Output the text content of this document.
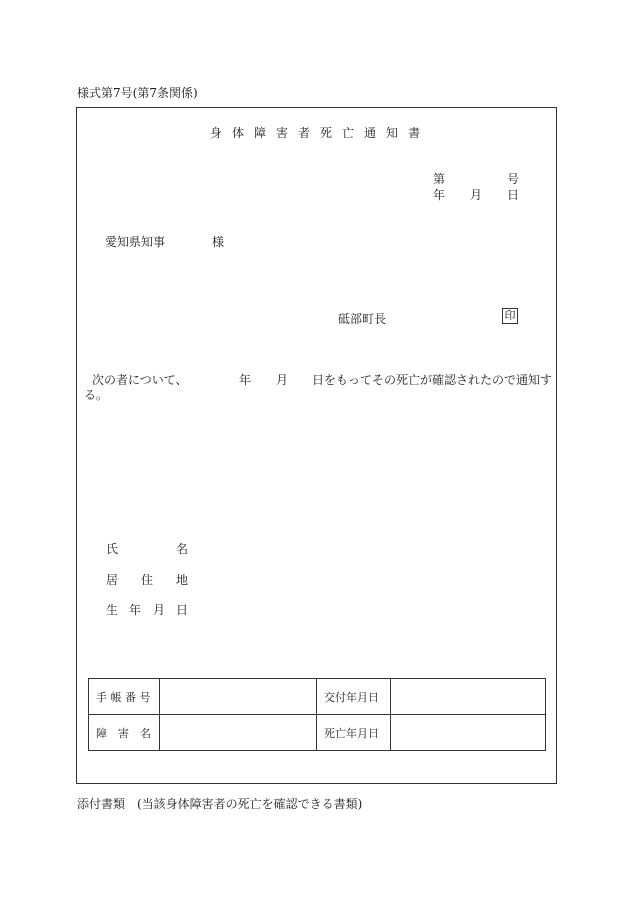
様式第7号(第7条関係)
身 体 障 害 者 死 亡 通 知 書
第	号
年 月 日
愛知県知事	様
砥部町長	印
次の者について、	年 月 日をもってその死亡が確認されたので通知す
る。
氏	名
居 住 地
生 年 月 日
手 帳 番 号		交付年月日	
障　害　名		死亡年月日	
添付書類　(当該身体障害者の死亡を確認できる書類)
